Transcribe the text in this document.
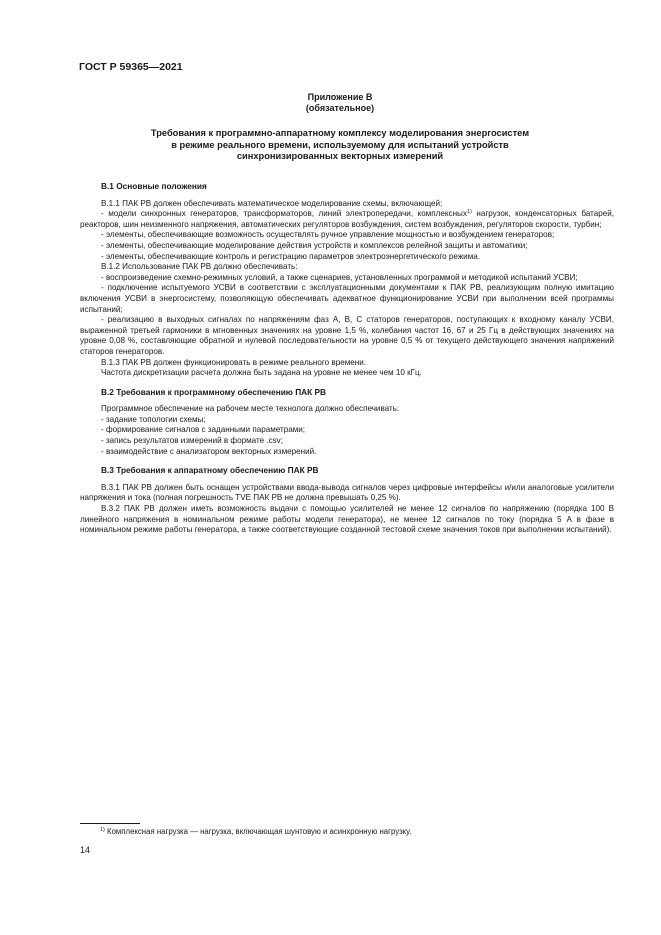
ГОСТ Р 59365—2021
Приложение В
(обязательное)
Требования к программно-аппаратному комплексу моделирования энергосистем
в режиме реального времени, используемому для испытаний устройств
синхронизированных векторных измерений
В.1 Основные положения

В.1.1 ПАК РВ должен обеспечивать математическое моделирование схемы, включающей:

- модели синхронных генераторов, трансформаторов, линий электропередачи, комплексных$^{1)}$ нагрузок, конденсаторных батарей, реакторов, шин неизменного напряжения, автоматических регуляторов возбуждения, систем возбуждения, регуляторов скорости, турбин;

- элементы, обеспечивающие возможность осуществлять ручное управление мощностью и возбуждением генераторов;

- элементы, обеспечивающие моделирование действия устройств и комплексов релейной защиты и автоматики;

- элементы, обеспечивающие контроль и регистрацию параметров электроэнергетического режима.

В.1.2 Использование ПАК РВ должно обеспечивать:

- воспроизведение схемно-режимных условий, а также сценариев, установленных программой и методикой испытаний УСВИ;

- подключение испытуемого УСВИ в соответствии с эксплуатационными документами к ПАК РВ, реализующим полную имитацию включения УСВИ в энергосистему, позволяющую обеспечивать адекватное функционирование УСВИ при выполнении всей программы испытаний;

- реализацию в выходных сигналах по напряжениям фаз А, В, С статоров генераторов, поступающих к входному каналу УСВИ, выраженной третьей гармоники в мгновенных значениях на уровне 1,5 %, колебания частот 16, 67 и 25 Гц в действующих значениях на уровне 0,08 %, составляющие обратной и нулевой последовательности на уровне 0,5 % от текущего действующего значения напряжений статоров генераторов.

В.1.3 ПАК РВ должен функционировать в режиме реального времени.

Частота дискретизации расчета должна быть задана на уровне не менее чем 10 кГц.

В.2 Требования к программному обеспечению ПАК РВ

Программное обеспечение на рабочем месте технолога должно обеспечивать:

- задание топологии схемы;

- формирование сигналов с заданными параметрами;

- запись результатов измерений в формате .csv;

- взаимодействие с анализатором векторных измерений.

В.3 Требования к аппаратному обеспечению ПАК РВ

В.3.1 ПАК РВ должен быть оснащен устройствами ввода-вывода сигналов через цифровые интерфейсы и/или аналоговые усилители напряжения и тока (полная погрешность TVE ПАК РВ не должна превышать 0,25 %).

В.3.2 ПАК РВ должен иметь возможность выдачи с помощью усилителей не менее 12 сигналов по напряжению (порядка 100 В линейного напряжения в номинальном режиме работы модели генератора), не менее 12 сигналов по току (порядка 5 А в фазе в номинальном режиме работы генератора, а также соответствующие созданной тестовой схеме значения токов при выполнении испытаний).

$^{1)}$ Комплексная нагрузка — нагрузка, включающая шунтовую и асинхронную нагрузку.
14
